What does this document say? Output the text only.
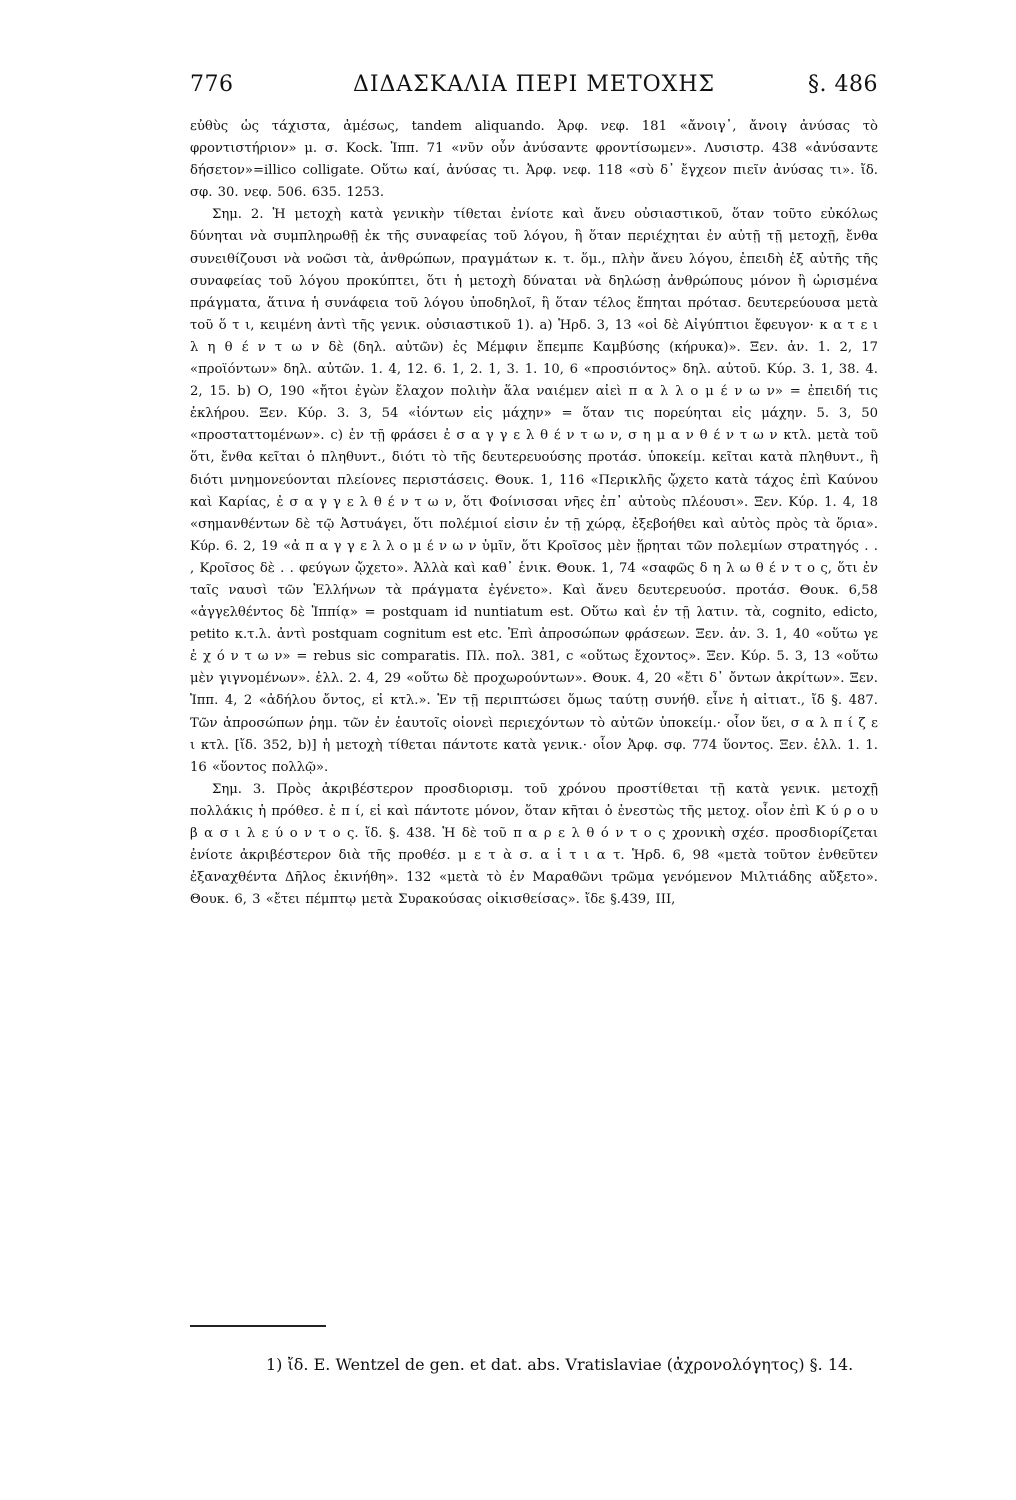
776	ΔΙΔΑΣΚΑΛΙΑ ΠΕΡΙ ΜΕΤΟΧΗΣ	§. 486

εὐθὺς ὡς τάχιστα, ἀμέσως, tandem aliquando. Ἀρφ. νεφ. 181 «ἄνοιγ᾽, ἄνοιγ ἀνύσας τὸ φροντιστήριον» μ. σ. Kock. Ἱππ. 71 «νῦν οὖν ἀνύσαντε φροντίσωμεν». Λυσιστρ. 438 «ἀνύσαντε δήσετον»=illico colligate. Οὕτω καί, ἀνύσας τι. Ἀρφ. νεφ. 118 «σὺ δ᾽ ἔγχεον πιεῖν ἀνύσας τι». ἴδ. σφ. 30. νεφ. 506. 635. 1253.

Σημ. 2. Ἡ μετοχὴ κατὰ γενικὴν τίθεται ἐνίοτε καὶ ἄνευ οὐσιαστικοῦ, ὅταν τοῦτο εὐκόλως δύνηται νὰ συμπληρωθῇ ἐκ τῆς συναφείας τοῦ λόγου, ἢ ὅταν περιέχηται ἐν αὐτῇ τῇ μετοχῇ, ἔνθα συνειθίζουσι νὰ νοῶσι τὰ, ἀνθρώπων, πραγμάτων κ. τ. ὅμ., πλὴν ἄνευ λόγου, ἐπειδὴ ἐξ αὐτῆς τῆς συναφείας τοῦ λόγου προκύπτει, ὅτι ἡ μετοχὴ δύναται νὰ δηλώσῃ ἀνθρώπους μόνον ἢ ὡρισμένα πράγματα, ἅτινα ἡ συνάφεια τοῦ λόγου ὑποδηλοῖ, ἢ ὅταν τέλος ἕπηται πρότασ. δευτερεύουσα μετὰ τοῦ ὅ τ ι, κειμένη ἀντὶ τῆς γενικ. οὐσιαστικοῦ 1). a) Ἡρδ. 3, 13 «οἱ δὲ Αἰγύπτιοι ἔφευγον· κ α τ ε ι λ η θ έ ν τ ω ν δὲ (δηλ. αὐτῶν) ἐς Μέμφιν ἔπεμπε Καμβύσης (κήρυκα)». Ξεν. ἀν. 1. 2, 17 «προϊόντων» δηλ. αὐτῶν. 1. 4, 12. 6. 1, 2. 1, 3. 1. 10, 6 «προσιόντος» δηλ. αὐτοῦ. Κύρ. 3. 1, 38. 4. 2, 15. b) Ο, 190 «ἤτοι ἐγὼν ἔλαχον πολιὴν ἅλα ναιέμεν αἰεὶ π α λ λ ο μ έ ν ω ν» = ἐπειδή τις ἐκλήρου. Ξεν. Κύρ. 3. 3, 54 «ἰόντων εἰς μάχην» = ὅταν τις πορεύηται εἰς μάχην. 5. 3, 50 «προσταττομένων». c) ἐν τῇ φράσει ἐ σ α γ γ ε λ θ έ ν τ ω ν, σ η μ α ν θ έ ν τ ω ν κτλ. μετὰ τοῦ ὅτι, ἔνθα κεῖται ὁ πληθυντ., διότι τὸ τῆς δευτερευούσης προτάσ. ὑποκείμ. κεῖται κατὰ πληθυντ., ἢ διότι μνημονεύονται πλείονες περιστάσεις. Θουκ. 1, 116 «Περικλῆς ᾤχετο κατὰ τάχος ἐπὶ Καύνου καὶ Καρίας, ἐ σ α γ γ ε λ θ έ ν τ ω ν, ὅτι Φοίνισσαι νῆες ἐπ᾽ αὐτοὺς πλέουσι». Ξεν. Κύρ. 1. 4, 18 «σημανθέντων δὲ τῷ Ἀστυάγει, ὅτι πολέμιοί εἰσιν ἐν τῇ χώρᾳ, ἐξεβοήθει καὶ αὐτὸς πρὸς τὰ ὅρια». Κύρ. 6. 2, 19 «ἀ π α γ γ ε λ λ ο μ έ ν ω ν ὑμῖν, ὅτι Κροῖσος μὲν ᾕρηται τῶν πολεμίων στρατηγός . . , Κροῖσος δὲ . . φεύγων ᾤχετο». Ἀλλὰ καὶ καθ᾽ ἑνικ. Θουκ. 1, 74 «σαφῶς δ η λ ω θ έ ν τ ο ς, ὅτι ἐν ταῖς ναυσὶ τῶν Ἑλλήνων τὰ πράγματα ἐγένετο». Καὶ ἄνευ δευτερευούσ. προτάσ. Θουκ. 6,58 «ἀγγελθέντος δὲ Ἱππίᾳ» = postquam id nuntiatum est. Οὕτω καὶ ἐν τῇ λατιν. τὰ, cognito, edicto, petito κ.τ.λ. ἀντὶ postquam cognitum est etc. Ἐπὶ ἀπροσώπων φράσεων. Ξεν. ἀν. 3. 1, 40 «οὕτω γε ἐ χ ό ν τ ω ν» = rebus sic comparatis. Πλ. πολ. 381, c «οὕτως ἔχοντος». Ξεν. Κύρ. 5. 3, 13 «οὕτω μὲν γιγνομένων». ἑλλ. 2. 4, 29 «οὕτω δὲ προχωρούντων». Θουκ. 4, 20 «ἔτι δ᾽ ὄντων ἀκρίτων». Ξεν. Ἱππ. 4, 2 «ἀδήλου ὄντος, εἰ κτλ.». Ἐν τῇ περιπτώσει ὅμως ταύτῃ συνήθ. εἶνε ἡ αἰτιατ., ἴδ §. 487. Τῶν ἀπροσώπων ῥημ. τῶν ἐν ἑαυτοῖς οἱονεὶ περιεχόντων τὸ αὐτῶν ὑποκείμ.· οἷον ὕει, σ α λ π ί ζ ε ι κτλ. [ἴδ. 352, b)] ἡ μετοχὴ τίθεται πάντοτε κατὰ γενικ.· οἷον Ἀρφ. σφ. 774 ὕοντος. Ξεν. ἑλλ. 1. 1. 16 «ὕοντος πολλῷ».

Σημ. 3. Πρὸς ἀκριβέστερον προσδιορισμ. τοῦ χρόνου προστίθεται τῇ κατὰ γενικ. μετοχῇ πολλάκις ἡ πρόθεσ. ἐ π ί, εἰ καὶ πάντοτε μόνον, ὅταν κῆται ὁ ἐνεστὼς τῆς μετοχ. οἷον ἐπὶ Κ ύ ρ ο υ β α σ ι λ ε ύ ο ν τ ο ς. ἴδ. §. 438. Ἡ δὲ τοῦ π α ρ ε λ θ ό ν τ ο ς χρονικὴ σχέσ. προσδιορίζεται ἐνίοτε ἀκριβέστερον διὰ τῆς προθέσ. μ ε τ ὰ σ. α ἰ τ ι α τ. Ἡρδ. 6, 98 «μετὰ τοῦτον ἐνθεῦτεν ἐξαναχθέντα Δῆλος ἐκινήθη». 132 «μετὰ τὸ ἐν Μαραθῶνι τρῶμα γενόμενον Μιλτιάδης αὔξετο». Θουκ. 6, 3 «ἔτει πέμπτῳ μετὰ Συρακούσας οἰκισθείσας». ἴδε §.439, III,

1) ἴδ. E. Wentzel de gen. et dat. abs. Vratislaviae (ἀχρονολόγητος) §. 14.
